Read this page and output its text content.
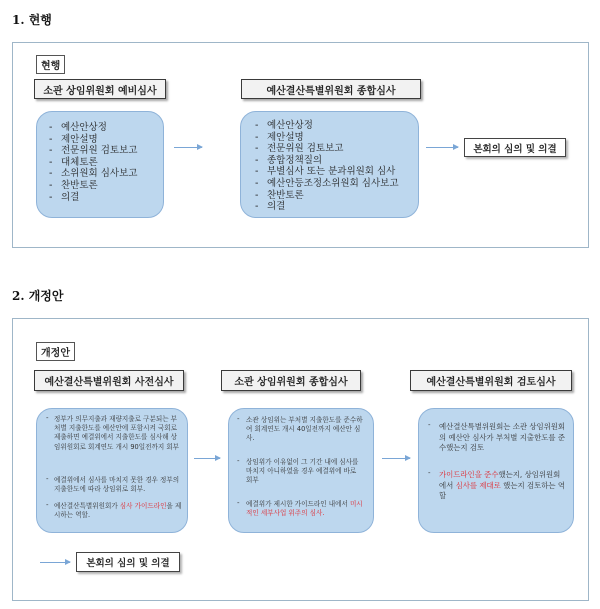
1. 현행
현행
소관 상임위원회 예비심사	예산결산특별위원회 종합심사
- 예산안상정
- 제안설명
- 전문위원 검토보고
- 대체토론
- 소위원회 심사보고
- 찬반토론
- 의결
- 예산안상정
- 제안설명
- 전문위원 검토보고
- 종합정책질의
- 부별심사 또는 분과위원회 심사
- 예산안등조정소위원회 심사보고
- 찬반토론
- 의결
본회의 심의 및 의결
2. 개정안
개정안
예산결산특별위원회 사전심사	소관 상임위원회 종합심사	예산결산특별위원회 검토심사
- 정부가 의무지출과 재량지출로 구분되는 부처별 지출한도를 예산안에 포함시켜 국회로 제출하면 예결위에서 지출한도를 심사해 상임위원회로 회계연도 개시 90일전까지 회부
- 예결위에서 심사를 마치지 못한 경우 정부의 지출한도에 따라 상임위로 회부.
- 예산결산특별위원회가 심사 가이드라인을 제시하는 역할.
- 소관 상임위는 부처별 지출한도를 준수하여 회계연도 개시 40일전까지 예산안 심사.
- 상임위가 이유없이 그 기간 내에 심사를 마치지 아니하였을 경우 예결위에 바로 회부
- 예결위가 제시한 가이드라인 내에서 미시적인 세부사업 위주의 심사.
- 예산결산특별위원회는 소관 상임위원회의 예산안 심사가 부처별 지출한도를 준수했는지 검토
- 가이드라인을 준수했는지, 상임위원회에서 심사를 제대로 했는지 검토하는 역할
본회의 심의 및 의결
